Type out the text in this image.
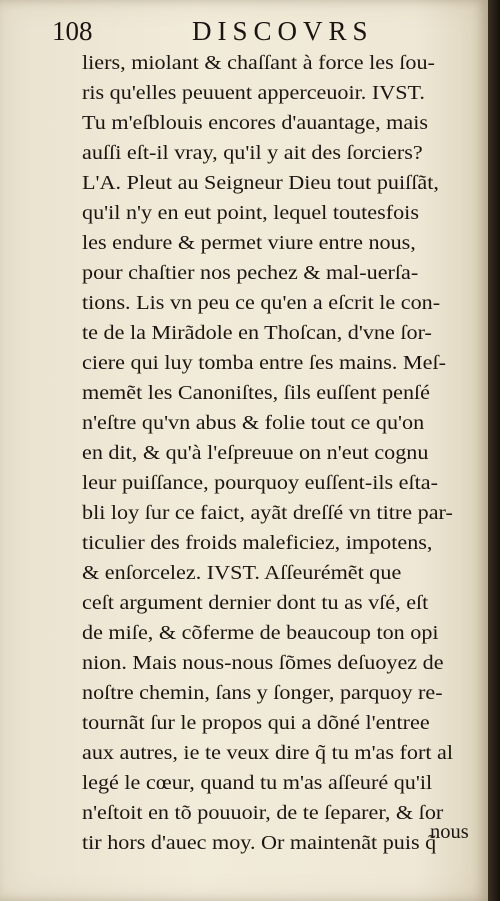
108	DISCOVRS
liers, miolant & chaſſant à force les ſou-
ris qu'elles peuuent apperceuoir. IVST.
Tu m'eſblouis encores d'auantage, mais
auſſi eſt-il vray, qu'il y ait des ſorciers?
L'A. Pleut au Seigneur Dieu tout puiſſãt,
qu'il n'y en eut point, lequel toutesfois
les endure & permet viure entre nous,
pour chaſtier nos pechez & mal-uerſa-
tions. Lis vn peu ce qu'en a eſcrit le con-
te de la Mirãdole en Thoſcan, d'vne ſor-
ciere qui luy tomba entre ſes mains. Meſ-
memẽt les Canoniſtes, ſils euſſent penſé
n'eſtre qu'vn abus & folie tout ce qu'on
en dit, & qu'à l'eſpreuue on n'eut cognu
leur puiſſance, pourquoy euſſent-ils eſta-
bli loy ſur ce faict, ayãt dreſſé vn titre par-
ticulier des froids maleficiez, impotens,
& enſorcelez. IVST. Aſſeurémẽt que
ceſt argument dernier dont tu as vſé, eſt
de miſe, & cõferme de beaucoup ton opi
nion. Mais nous-nous ſõmes deſuoyez de
noſtre chemin, ſans y ſonger, parquoy re-
tournãt ſur le propos qui a dõné l'entree
aux autres, ie te veux dire q̃ tu m'as fort al
legé le cœur, quand tu m'as aſſeuré qu'il
n'eſtoit en tõ pouuoir, de te ſeparer, & ſor
tir hors d'auec moy. Or maintenãt puis q̃
nous
